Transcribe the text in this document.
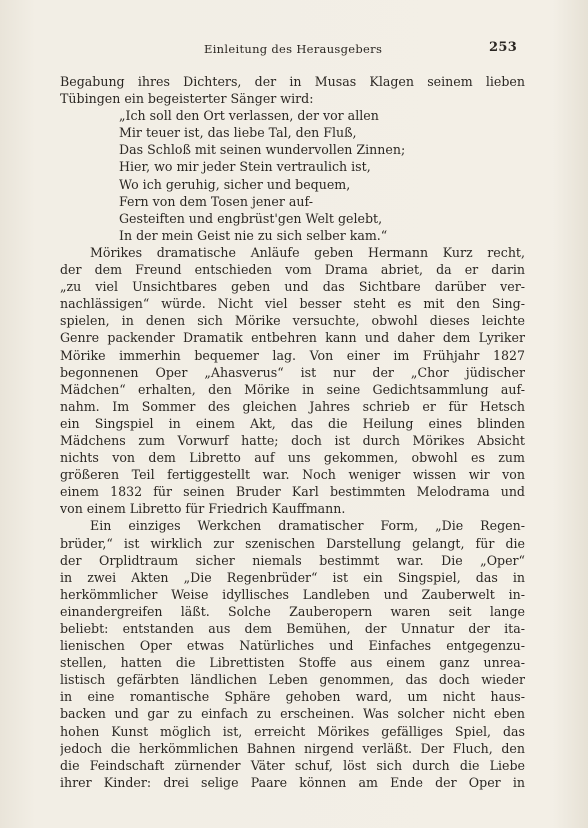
Einleitung des Herausgebers	253
Begabung ihres Dichters, der in Musas Klagen seinem lieben
Tübingen ein begeisterter Sänger wird:
„Ich soll den Ort verlassen, der vor allen
Mir teuer ist, das liebe Tal, den Fluß,
Das Schloß mit seinen wundervollen Zinnen;
Hier, wo mir jeder Stein vertraulich ist,
Wo ich geruhig, sicher und bequem,
Fern von dem Tosen jener auf-
Gesteiften und engbrüst'gen Welt gelebt,
In der mein Geist nie zu sich selber kam.“
Mörikes dramatische Anläufe geben Hermann Kurz recht,
der dem Freund entschieden vom Drama abriet, da er darin
„zu viel Unsichtbares geben und das Sichtbare darüber ver-
nachlässigen“ würde. Nicht viel besser steht es mit den Sing-
spielen, in denen sich Mörike versuchte, obwohl dieses leichte
Genre packender Dramatik entbehren kann und daher dem Lyriker
Mörike immerhin bequemer lag. Von einer im Frühjahr 1827
begonnenen Oper „Ahasverus“ ist nur der „Chor jüdischer
Mädchen“ erhalten, den Mörike in seine Gedichtsammlung auf-
nahm. Im Sommer des gleichen Jahres schrieb er für Hetsch
ein Singspiel in einem Akt, das die Heilung eines blinden
Mädchens zum Vorwurf hatte; doch ist durch Mörikes Absicht
nichts von dem Libretto auf uns gekommen, obwohl es zum
größeren Teil fertiggestellt war. Noch weniger wissen wir von
einem 1832 für seinen Bruder Karl bestimmten Melodrama und
von einem Libretto für Friedrich Kauffmann.
Ein einziges Werkchen dramatischer Form, „Die Regen-
brüder,“ ist wirklich zur szenischen Darstellung gelangt, für die
der Orplidtraum sicher niemals bestimmt war. Die „Oper“
in zwei Akten „Die Regenbrüder“ ist ein Singspiel, das in
herkömmlicher Weise idyllisches Landleben und Zauberwelt in-
einandergreifen läßt. Solche Zauberopern waren seit lange
beliebt: entstanden aus dem Bemühen, der Unnatur der ita-
lienischen Oper etwas Natürliches und Einfaches entgegenzu-
stellen, hatten die Librettisten Stoffe aus einem ganz unrea-
listisch gefärbten ländlichen Leben genommen, das doch wieder
in eine romantische Sphäre gehoben ward, um nicht haus-
backen und gar zu einfach zu erscheinen. Was solcher nicht eben
hohen Kunst möglich ist, erreicht Mörikes gefälliges Spiel, das
jedoch die herkömmlichen Bahnen nirgend verläßt. Der Fluch, den
die Feindschaft zürnender Väter schuf, löst sich durch die Liebe
ihrer Kinder: drei selige Paare können am Ende der Oper in
